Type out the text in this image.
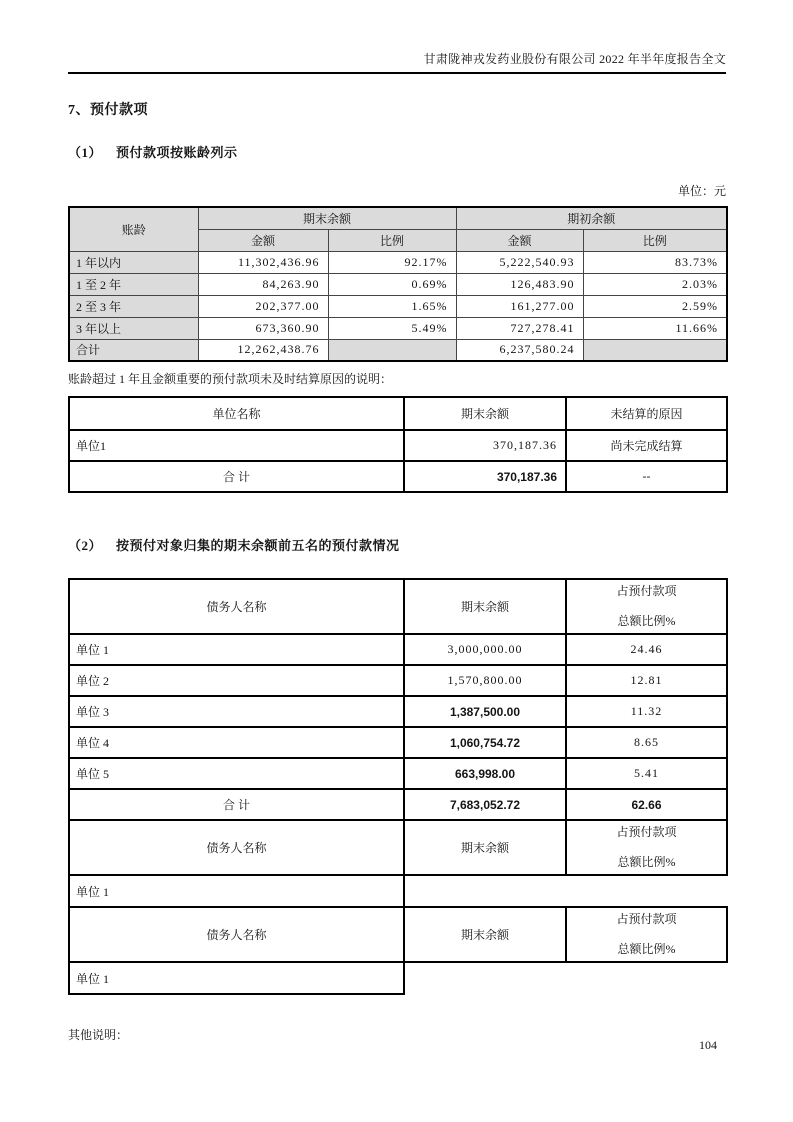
甘肃陇神戎发药业股份有限公司 2022 年半年度报告全文
7、预付款项
（1） 预付款项按账龄列示
单位：元
账龄	期末余额		期初余额	
	金额	比例	金额	比例
1 年以内	11,302,436.96	92.17%	5,222,540.93	83.73%
1 至 2 年	84,263.90	0.69%	126,483.90	2.03%
2 至 3 年	202,377.00	1.65%	161,277.00	2.59%
3 年以上	673,360.90	5.49%	727,278.41	11.66%
合计	12,262,438.76		6,237,580.24	
账龄超过 1 年且金额重要的预付款项未及时结算原因的说明：
单位名称	期末余额	未结算的原因
单位1	370,187.36	尚未完成结算
合 计	370,187.36	--
（2） 按预付对象归集的期末余额前五名的预付款情况
债务人名称	期末余额	占预付款项
总额比例%

单位 1	3,000,000.00	24.46
单位 2	1,570,800.00	12.81
单位 3	1,387,500.00	11.32
单位 4	1,060,754.72	8.65
单位 5	663,998.00	5.41
合 计	7,683,052.72	62.66
债务人名称	期末余额	占预付款项
总额比例%

单位 1		
债务人名称	期末余额	占预付款项
总额比例%

单位 1		
其他说明：
104
